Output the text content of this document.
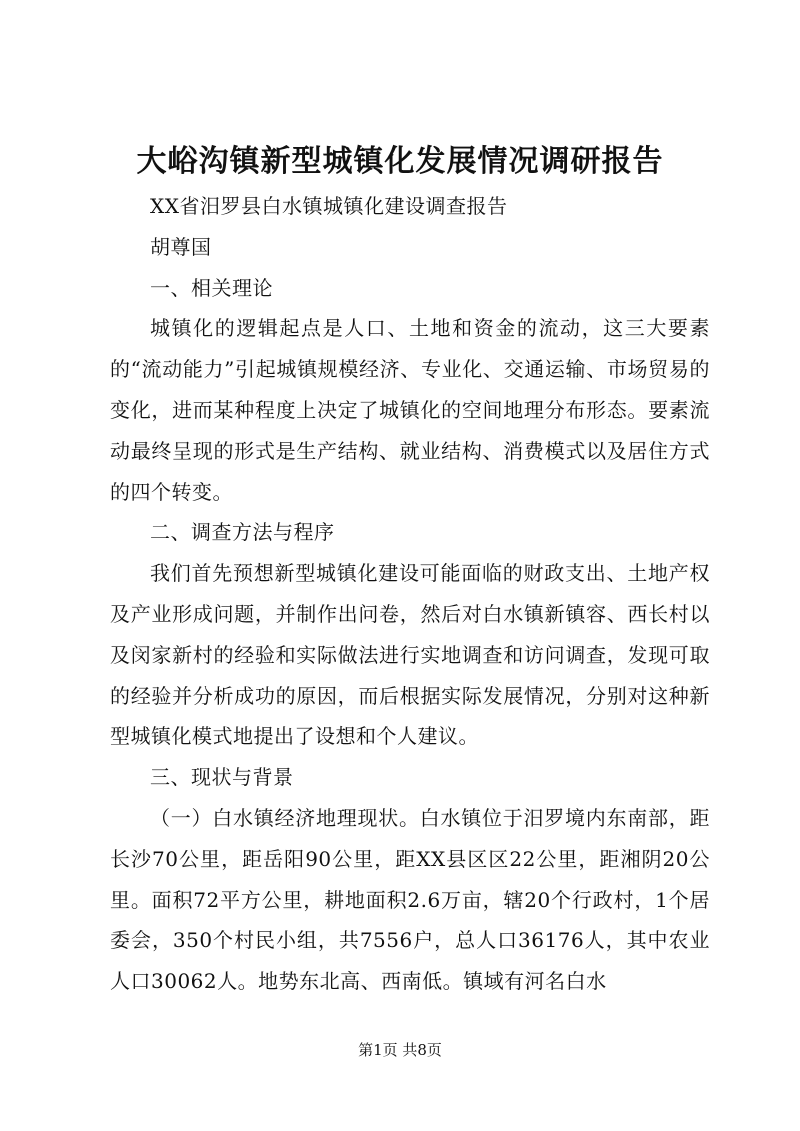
大峪沟镇新型城镇化发展情况调研报告

XX省汨罗县白水镇城镇化建设调查报告

胡尊国

一、相关理论

城镇化的逻辑起点是人口、土地和资金的流动，这三大要素的“流动能力”引起城镇规模经济、专业化、交通运输、市场贸易的变化，进而某种程度上决定了城镇化的空间地理分布形态。要素流动最终呈现的形式是生产结构、就业结构、消费模式以及居住方式的四个转变。

二、调查方法与程序

我们首先预想新型城镇化建设可能面临的财政支出、土地产权及产业形成问题，并制作出问卷，然后对白水镇新镇容、西长村以及闵家新村的经验和实际做法进行实地调查和访问调查，发现可取的经验并分析成功的原因，而后根据实际发展情况，分别对这种新型城镇化模式地提出了设想和个人建议。

三、现状与背景

（一）白水镇经济地理现状。白水镇位于汨罗境内东南部，距长沙70公里，距岳阳90公里，距XX县区区22公里，距湘阴20公里。面积72平方公里，耕地面积2.6万亩，辖20个行政村，1个居委会，350个村民小组，共7556户，总人口36176人，其中农业人口30062人。地势东北高、西南低。镇域有河名白水

第1页 共8页
